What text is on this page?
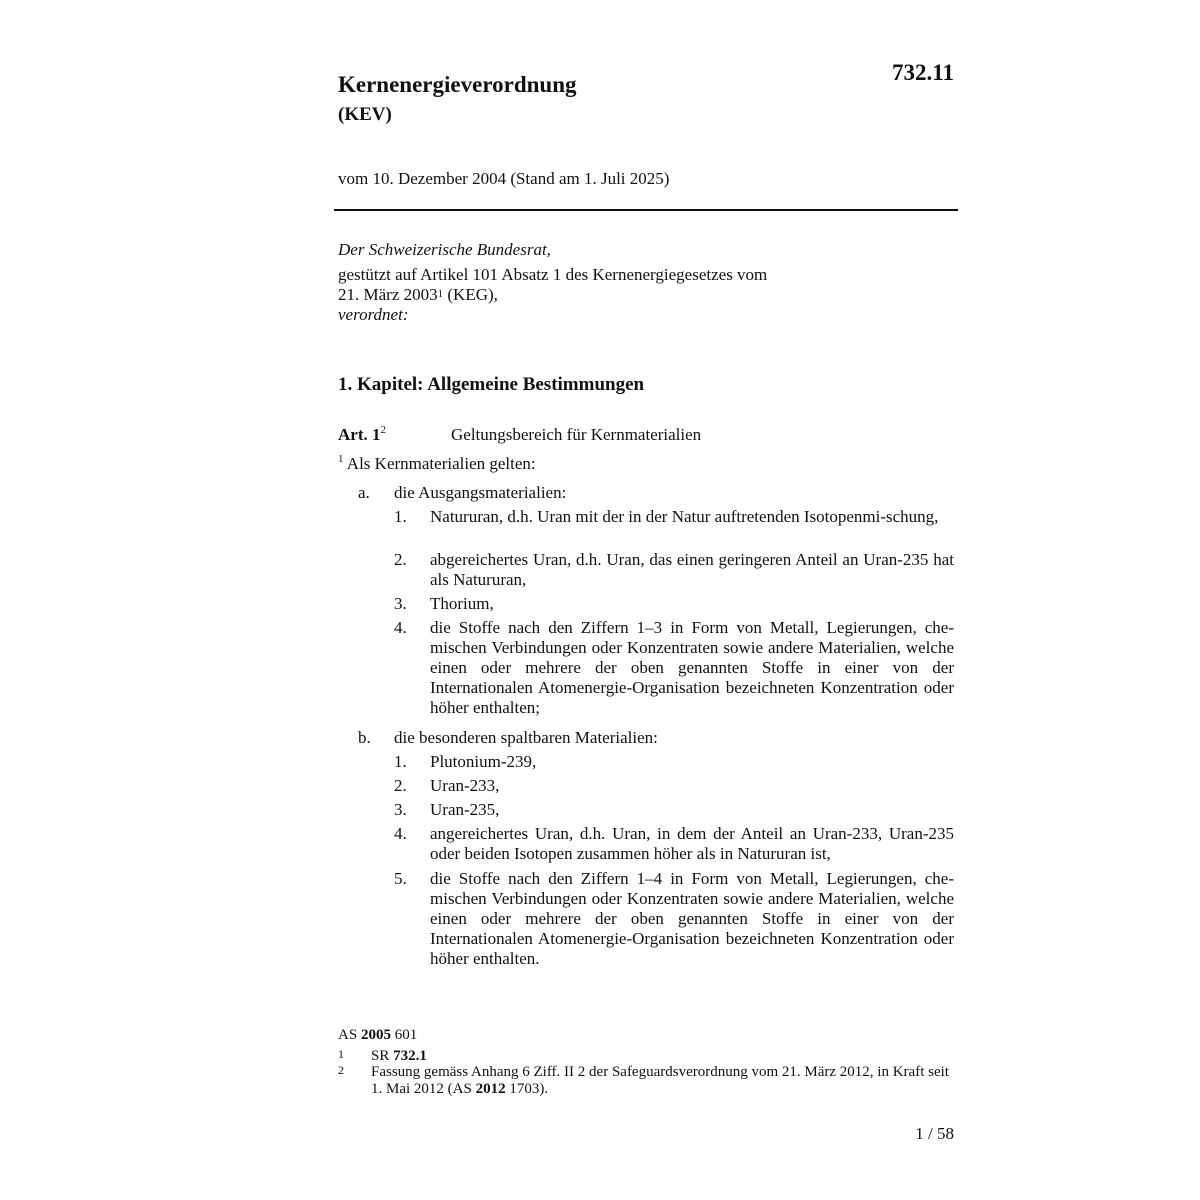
Kernenergieverordnung
(KEV)
732.11
vom 10. Dezember 2004 (Stand am 1. Juli 2025)
Der Schweizerische Bundesrat,
gestützt auf Artikel 101 Absatz 1 des Kernenergiegesetzes vom
21. März 2003$^1$ (KEG),
verordnet:
1. Kapitel: Allgemeine Bestimmungen
Art. $1^2$	Geltungsbereich für Kernmaterialien
$^1$ Als Kernmaterialien gelten:
a. die Ausgangsmaterialien:
1. Natururan, d.h. Uran mit der in der Natur auftretenden Isotopenmi-schung,
2. abgereichertes Uran, d.h. Uran, das einen geringeren Anteil an Uran-235 hat als Natururan,
3. Thorium,
4. die Stoffe nach den Ziffern 1–3 in Form von Metall, Legierungen, che-mischen Verbindungen oder Konzentraten sowie andere Materialien, welche einen oder mehrere der oben genannten Stoffe in einer von der Internationalen Atomenergie-Organisation bezeichneten Konzentration oder höher enthalten;
b. die besonderen spaltbaren Materialien:
1. Plutonium-239,
2. Uran-233,
3. Uran-235,
4. angereichertes Uran, d.h. Uran, in dem der Anteil an Uran-233, Uran-235 oder beiden Isotopen zusammen höher als in Natururan ist,
5. die Stoffe nach den Ziffern 1–4 in Form von Metall, Legierungen, che-mischen Verbindungen oder Konzentraten sowie andere Materialien, welche einen oder mehrere der oben genannten Stoffe in einer von der Internationalen Atomenergie-Organisation bezeichneten Konzentration oder höher enthalten.
AS 2005 601
1 SR 732.1
2 Fassung gemäss Anhang 6 Ziff. II 2 der Safeguardsverordnung vom 21. März 2012, in Kraft seit 1. Mai 2012 (AS 2012 1703).
1 / 58
